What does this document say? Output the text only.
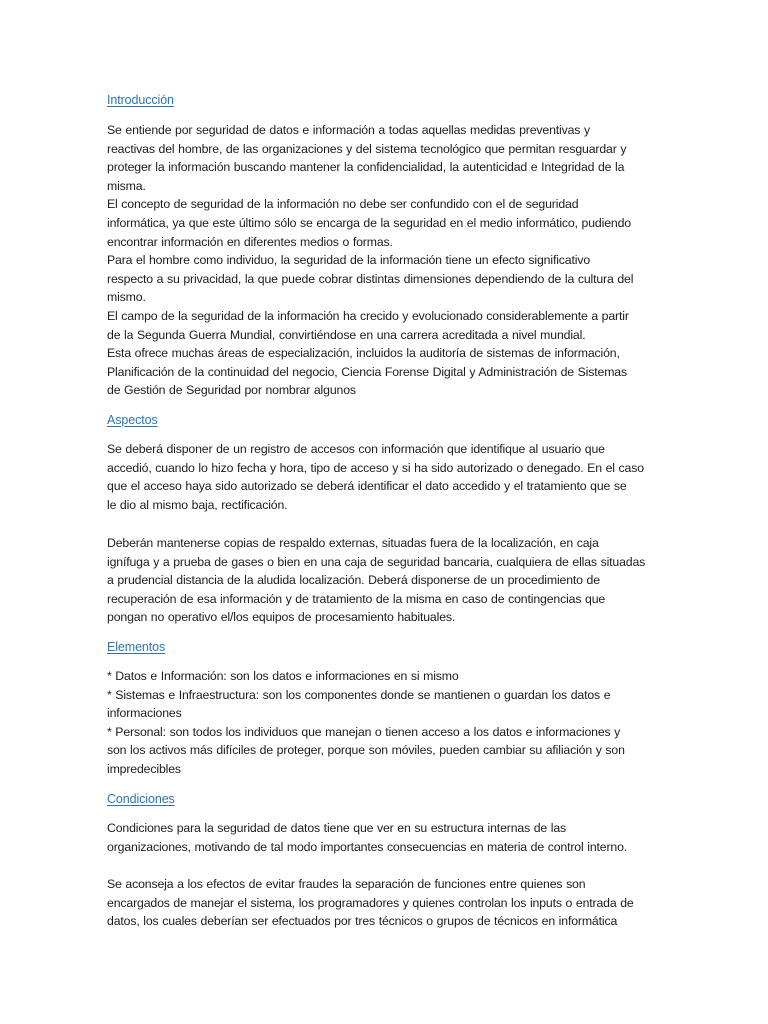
Introducción
Se entiende por seguridad de datos e información a todas aquellas medidas preventivas y
reactivas del hombre, de las organizaciones y del sistema tecnológico que permitan resguardar y
proteger la información buscando mantener la confidencialidad, la autenticidad e Integridad de la
misma.
El concepto de seguridad de la información no debe ser confundido con el de seguridad
informática, ya que este último sólo se encarga de la seguridad en el medio informático, pudiendo
encontrar información en diferentes medios o formas.
Para el hombre como individuo, la seguridad de la información tiene un efecto significativo
respecto a su privacidad, la que puede cobrar distintas dimensiones dependiendo de la cultura del
mismo.
El campo de la seguridad de la información ha crecido y evolucionado considerablemente a partir
de la Segunda Guerra Mundial, convirtiéndose en una carrera acreditada a nivel mundial.
Esta ofrece muchas áreas de especialización, incluidos la auditoría de sistemas de información,
Planificación de la continuidad del negocio, Ciencia Forense Digital y Administración de Sistemas
de Gestión de Seguridad por nombrar algunos
Aspectos
Se deberá disponer de un registro de accesos con información que identifique al usuario que
accedió, cuando lo hizo fecha y hora, tipo de acceso y si ha sido autorizado o denegado. En el caso
que el acceso haya sido autorizado se deberá identificar el dato accedido y el tratamiento que se
le dio al mismo baja, rectificación.
Deberán mantenerse copias de respaldo externas, situadas fuera de la localización, en caja
ignífuga y a prueba de gases o bien en una caja de seguridad bancaria, cualquiera de ellas situadas
a prudencial distancia de la aludida localización. Deberá disponerse de un procedimiento de
recuperación de esa información y de tratamiento de la misma en caso de contingencias que
pongan no operativo el/los equipos de procesamiento habituales.
Elementos
* Datos e Información: son los datos e informaciones en si mismo
* Sistemas e Infraestructura: son los componentes donde se mantienen o guardan los datos e
informaciones
* Personal: son todos los individuos que manejan o tienen acceso a los datos e informaciones y
son los activos más difíciles de proteger, porque son móviles, pueden cambiar su afiliación y son
impredecibles
Condiciones
Condiciones para la seguridad de datos tiene que ver en su estructura internas de las
organizaciones, motivando de tal modo importantes consecuencias en materia de control interno.
Se aconseja a los efectos de evitar fraudes la separación de funciones entre quienes son
encargados de manejar el sistema, los programadores y quienes controlan los inputs o entrada de
datos, los cuales deberían ser efectuados por tres técnicos o grupos de técnicos en informática
